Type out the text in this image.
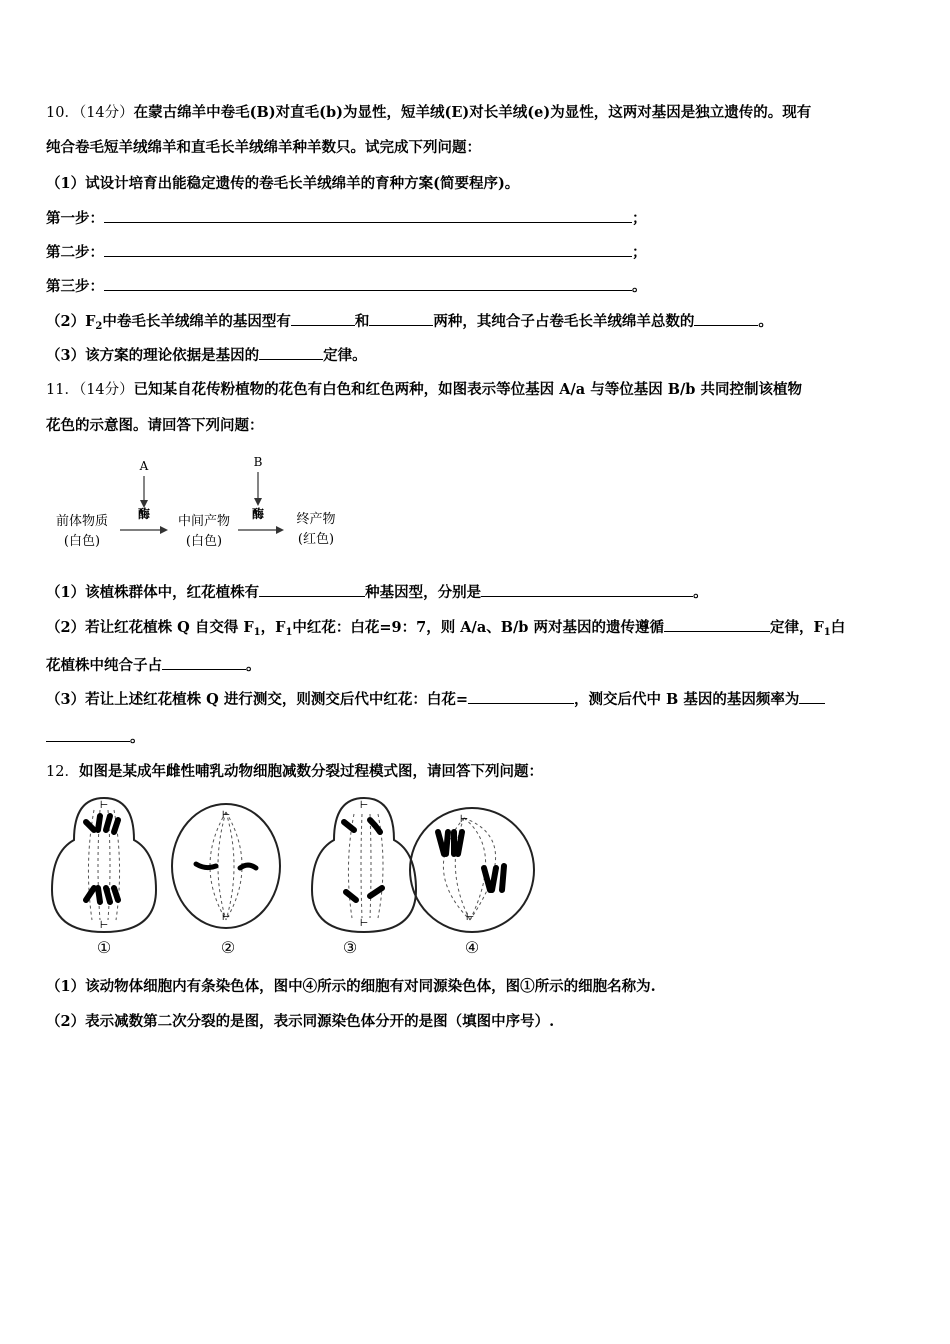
10．（14分）在蒙古绵羊中卷毛(B)对直毛(b)为显性，短羊绒(E)对长羊绒(e)为显性，这两对基因是独立遗传的。现有
纯合卷毛短羊绒绵羊和直毛长羊绒绵羊种羊数只。试完成下列问题：
（1）试设计培育出能稳定遗传的卷毛长羊绒绵羊的育种方案(简要程序)。
第一步：	；
第二步：	；
第三步：	。
$(2)F_2$中卷毛长羊绒绵羊的基因型有	和	两种，其纯合子占卷毛长羊绒绵羊总数的	。
（3）该方案的理论依据是基因的	定律。
11．（14分）已知某自花传粉植物的花色有白色和红色两种，如图表示等位基因 A/a 与等位基因 B/b 共同控制该植物
花色的示意图。请回答下列问题：
A	B
前体物质
(白色)
酶 中间产物
(白色)
酶 终产物
(红色)
（1）该植株群体中，红花植株有	种基因型，分别是	。
（2）若让红花植株 Q 自交得 $F_1$，$F_1$中红花：白花=9：7，则 A/a、B/b 两对基因的遗传遵循	定律，$F_1$白
花植株中纯合子占	。
（3）若让上述红花植株 Q 进行测交，则测交后代中红花：白花=	，测交后代中 B 基因的基因频率为
。
12．如图是某成年雌性哺乳动物细胞减数分裂过程模式图，请回答下列问题：
⊢
⊢
⊢
⊢
⊢
⊢
⊢
⊢
①	②	③	④
（1）该动物体细胞内有条染色体，图中④所示的细胞有对同源染色体，图①所示的细胞名称为.
（2）表示减数第二次分裂的是图，表示同源染色体分开的是图（填图中序号）.
